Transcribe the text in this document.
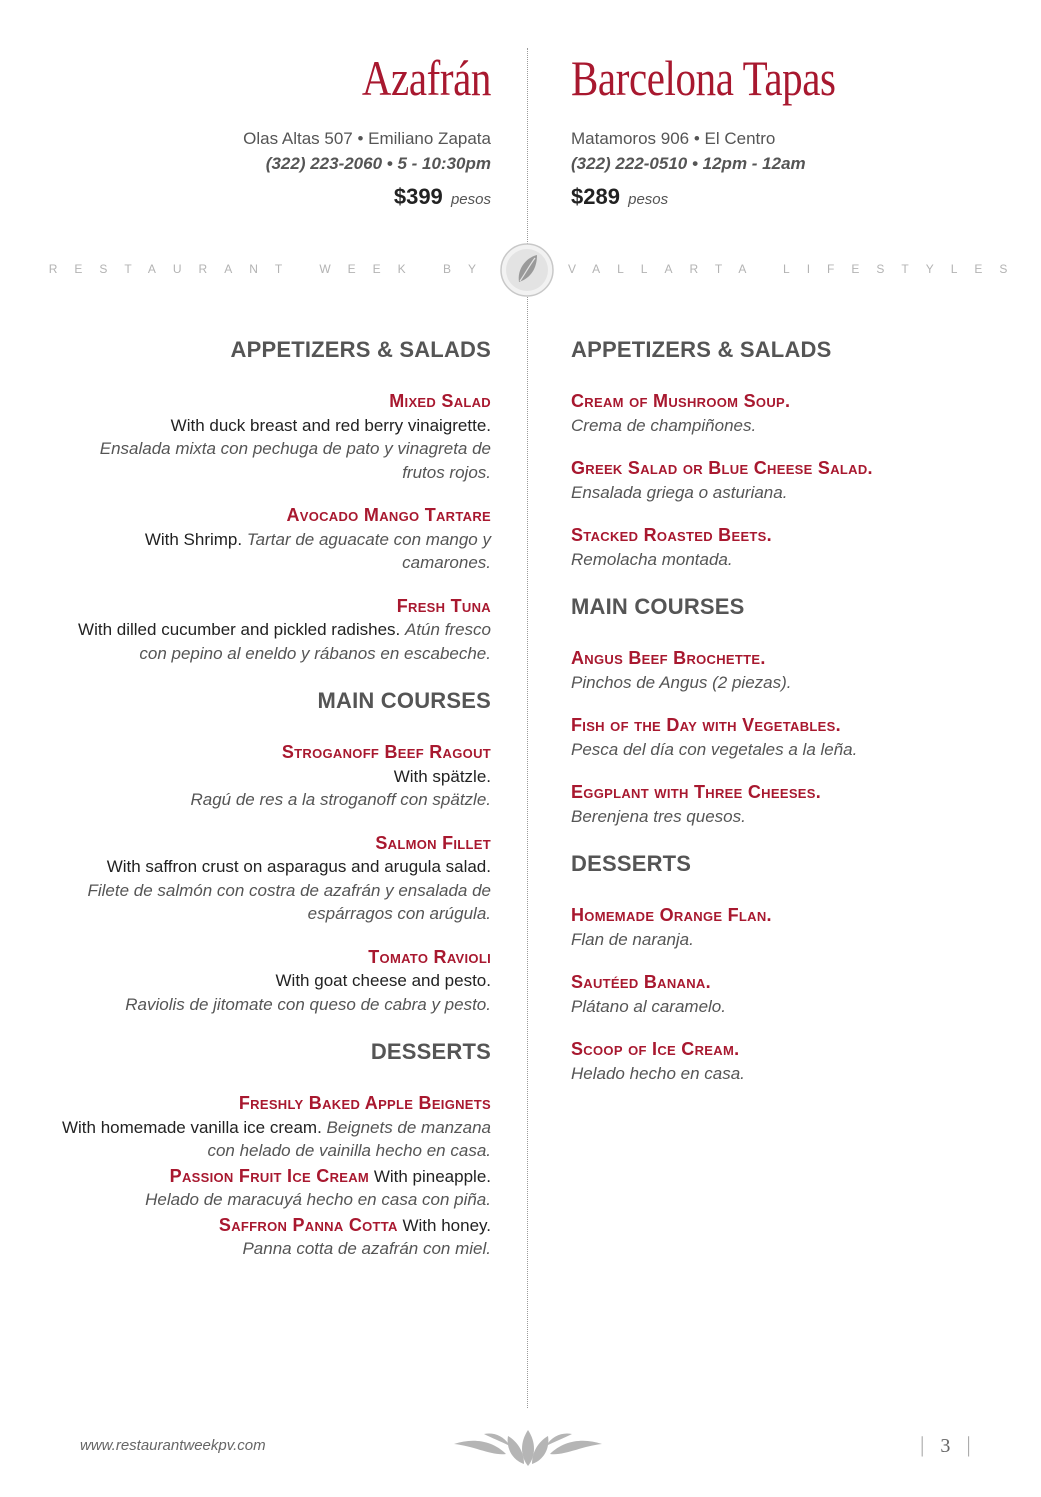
Azafrán
Olas Altas 507 • Emiliano Zapata
(322) 223-2060 • 5 - 10:30pm
$399 pesos
Barcelona Tapas
Matamoros 906 • El Centro
(322) 222-0510 • 12pm - 12am
$289 pesos
RESTAURANT WEEK BY	VALLARTA LIFESTYLES
APPETIZERS & SALADS
Mixed Salad
With duck breast and red berry vinaigrette.
Ensalada mixta con pechuga de pato y vinagreta de frutos rojos.
Avocado Mango Tartare
With Shrimp. Tartar de aguacate con mango y camarones.
Fresh Tuna
With dilled cucumber and pickled radishes. Atún fresco con pepino al eneldo y rábanos en escabeche.
MAIN COURSES
Stroganoff Beef Ragout
With spätzle.
Ragú de res a la stroganoff con spätzle.
Salmon Fillet
With saffron crust on asparagus and arugula salad.
Filete de salmón con costra de azafrán y ensalada de espárragos con arúgula.
Tomato Ravioli
With goat cheese and pesto.
Raviolis de jitomate con queso de cabra y pesto.
DESSERTS
Freshly Baked Apple Beignets
With homemade vanilla ice cream. Beignets de manzana con helado de vainilla hecho en casa.
Passion Fruit Ice Cream With pineapple.
Helado de maracuyá hecho en casa con piña.
Saffron Panna Cotta With honey.
Panna cotta de azafrán con miel.
APPETIZERS & SALADS
Cream of Mushroom Soup.
Crema de champiñones.
Greek Salad or Blue Cheese Salad.
Ensalada griega o asturiana.
Stacked Roasted Beets.
Remolacha montada.
MAIN COURSES
Angus Beef Brochette.
Pinchos de Angus (2 piezas).
Fish of the Day with Vegetables.
Pesca del día con vegetales a la leña.
Eggplant with Three Cheeses.
Berenjena tres quesos.
DESSERTS
Homemade Orange Flan.
Flan de naranja.
Sautéed Banana.
Plátano al caramelo.
Scoop of Ice Cream.
Helado hecho en casa.
www.restaurantweekpv.com	| 3 |
